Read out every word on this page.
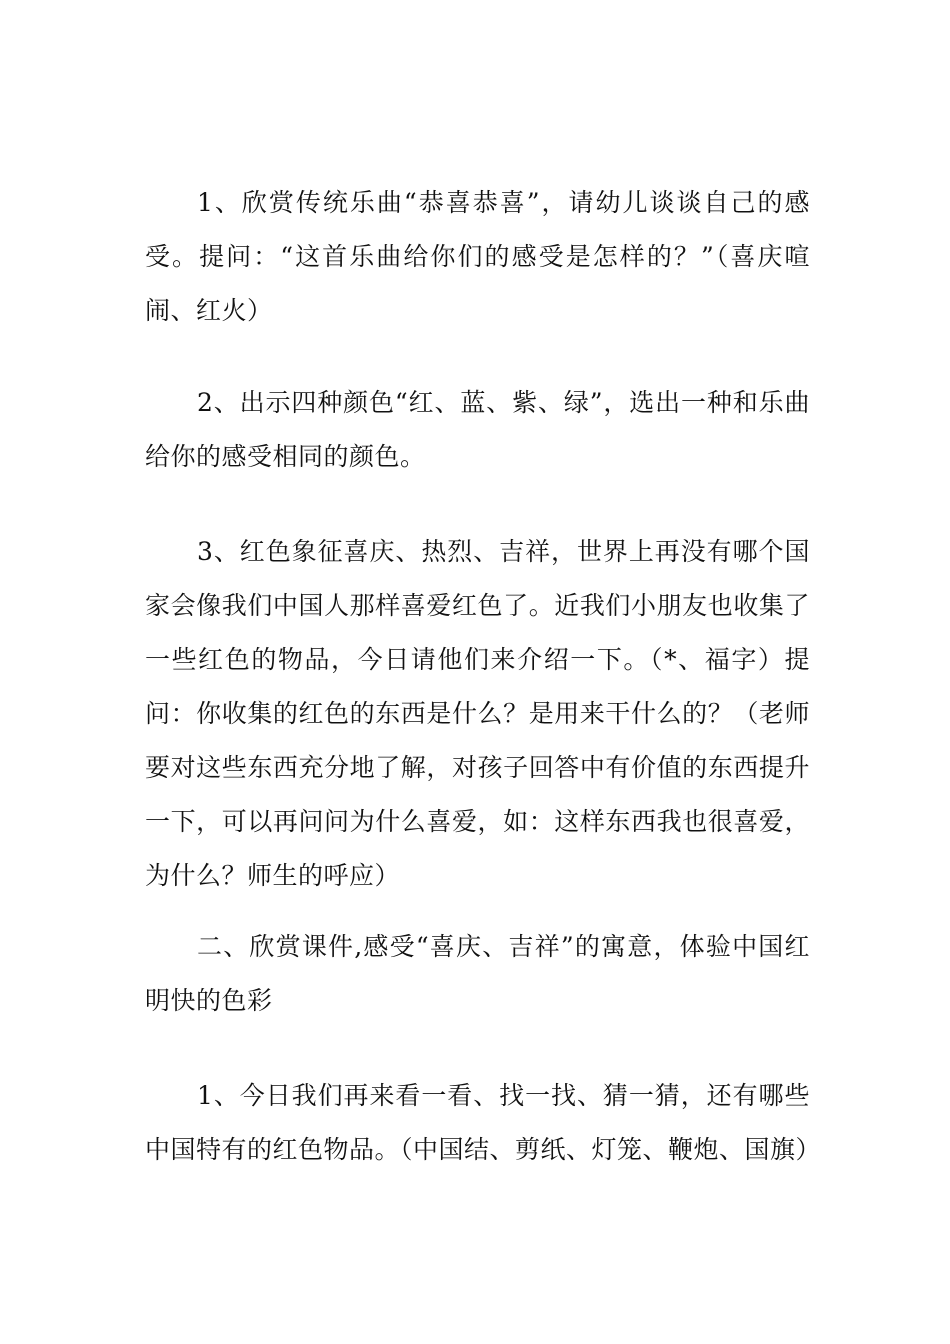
1、欣赏传统乐曲“恭喜恭喜”，请幼儿谈谈自己的感受。提问：“这首乐曲给你们的感受是怎样的？”（喜庆喧闹、红火）

2、出示四种颜色“红、蓝、紫、绿”，选出一种和乐曲给你的感受相同的颜色。

3、红色象征喜庆、热烈、吉祥，世界上再没有哪个国家会像我们中国人那样喜爱红色了。近我们小朋友也收集了一些红色的物品，今日请他们来介绍一下。（*、福字）提问：你收集的红色的东西是什么？是用来干什么的？（老师要对这些东西充分地了解，对孩子回答中有价值的东西提升一下，可以再问问为什么喜爱，如：这样东西我也很喜爱，为什么？师生的呼应）

二、欣赏课件,感受“喜庆、吉祥”的寓意，体验中国红明快的色彩

1、今日我们再来看一看、找一找、猜一猜，还有哪些中国特有的红色物品。（中国结、剪纸、灯笼、鞭炮、国旗）
